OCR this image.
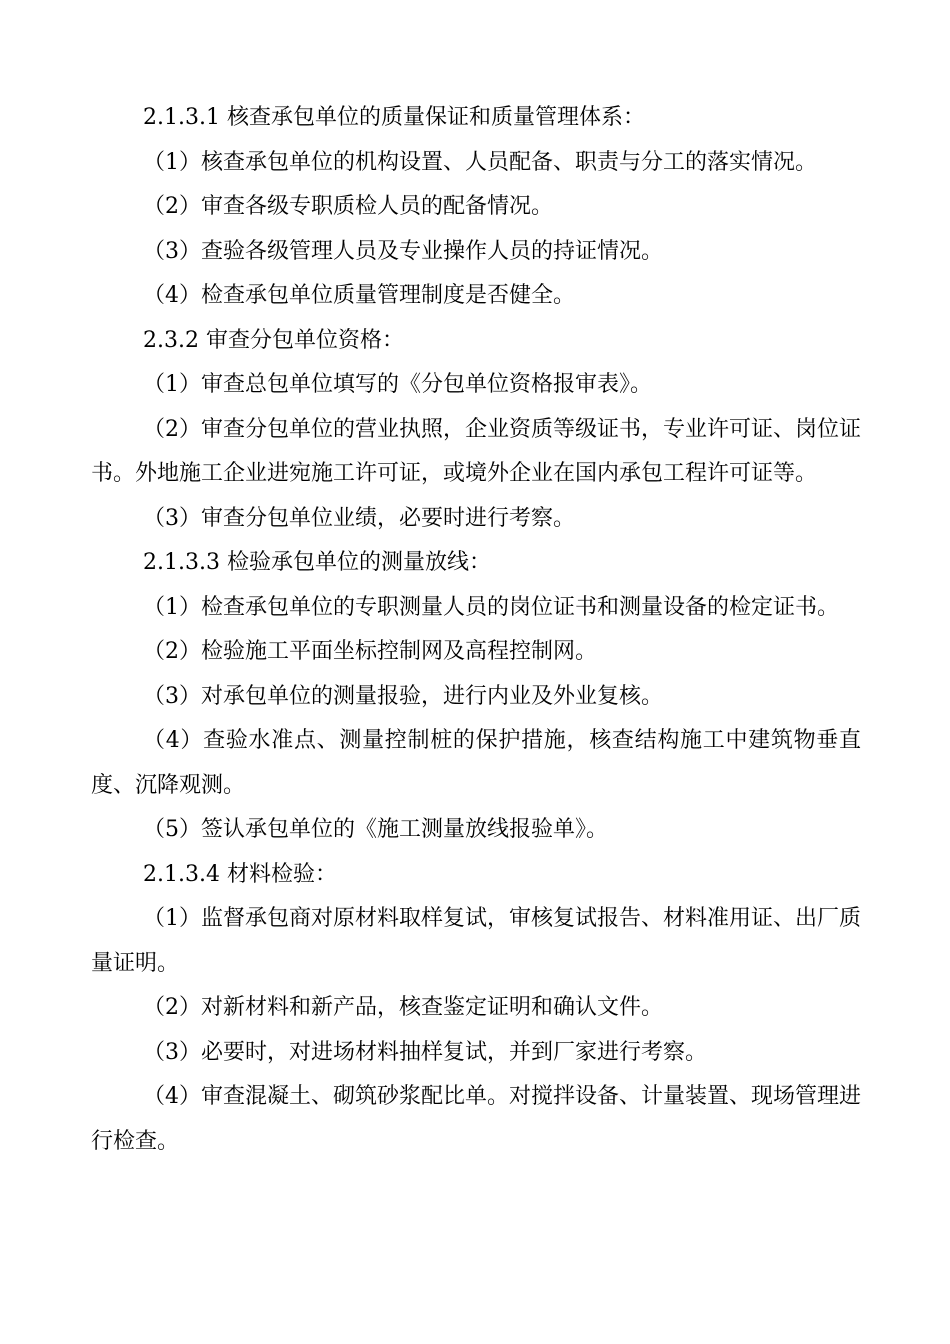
2.1.3.1 核查承包单位的质量保证和质量管理体系：

（1）核查承包单位的机构设置、人员配备、职责与分工的落实情况。

（2）审查各级专职质检人员的配备情况。

（3）查验各级管理人员及专业操作人员的持证情况。

（4）检查承包单位质量管理制度是否健全。

2.3.2 审查分包单位资格：

（1）审查总包单位填写的《分包单位资格报审表》。

（2）审查分包单位的营业执照，企业资质等级证书，专业许可证、岗位证书。外地施工企业进宛施工许可证，或境外企业在国内承包工程许可证等。

（3）审查分包单位业绩，必要时进行考察。

2.1.3.3 检验承包单位的测量放线：

（1）检查承包单位的专职测量人员的岗位证书和测量设备的检定证书。

（2）检验施工平面坐标控制网及高程控制网。

（3）对承包单位的测量报验，进行内业及外业复核。

（4）查验水准点、测量控制桩的保护措施，核查结构施工中建筑物垂直度、沉降观测。

（5）签认承包单位的《施工测量放线报验单》。

2.1.3.4 材料检验：

（1）监督承包商对原材料取样复试，审核复试报告、材料准用证、出厂质量证明。

（2）对新材料和新产品，核查鉴定证明和确认文件。

（3）必要时，对进场材料抽样复试，并到厂家进行考察。

（4）审查混凝土、砌筑砂浆配比单。对搅拌设备、计量装置、现场管理进行检查。
